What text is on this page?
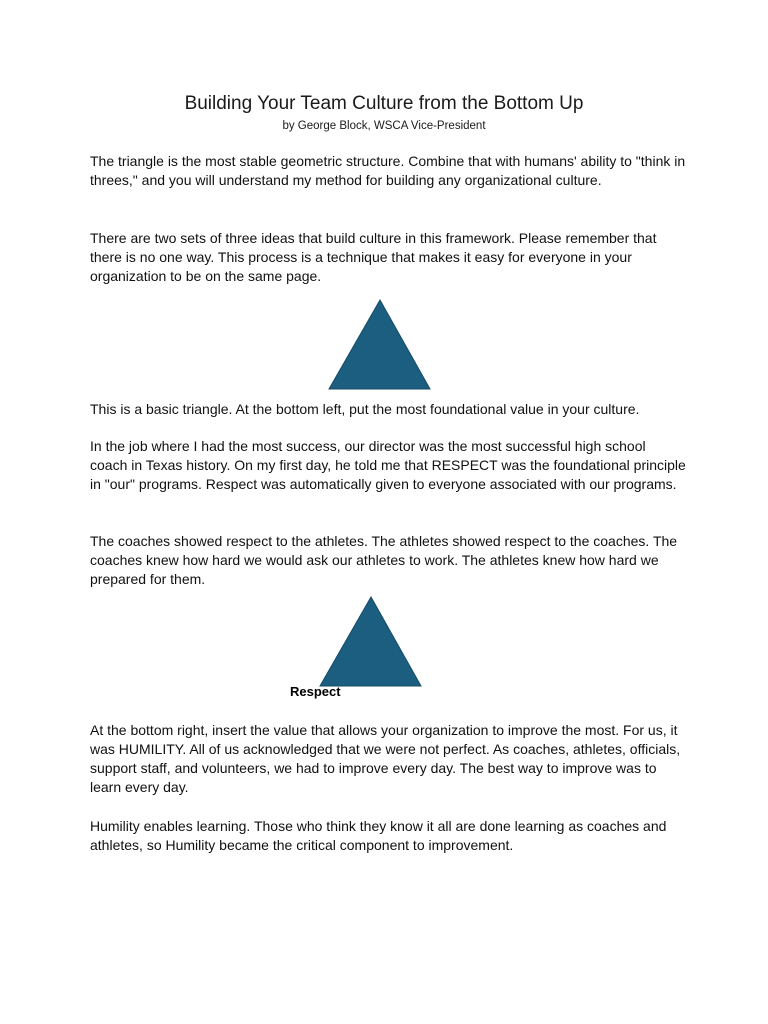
Building Your Team Culture from the Bottom Up
by George Block, WSCA Vice-President

The triangle is the most stable geometric structure. Combine that with humans' ability to "think in threes," and you will understand my method for building any organizational culture.

There are two sets of three ideas that build culture in this framework. Please remember that there is no one way. This process is a technique that makes it easy for everyone in your organization to be on the same page.

This is a basic triangle. At the bottom left, put the most foundational value in your culture.

In the job where I had the most success, our director was the most successful high school coach in Texas history. On my first day, he told me that RESPECT was the foundational principle in "our" programs. Respect was automatically given to everyone associated with our programs.

The coaches showed respect to the athletes. The athletes showed respect to the coaches. The coaches knew how hard we would ask our athletes to work. The athletes knew how hard we prepared for them.

Respect

At the bottom right, insert the value that allows your organization to improve the most. For us, it was HUMILITY. All of us acknowledged that we were not perfect. As coaches, athletes, officials, support staff, and volunteers, we had to improve every day. The best way to improve was to learn every day.

Humility enables learning. Those who think they know it all are done learning as coaches and athletes, so Humility became the critical component to improvement.
